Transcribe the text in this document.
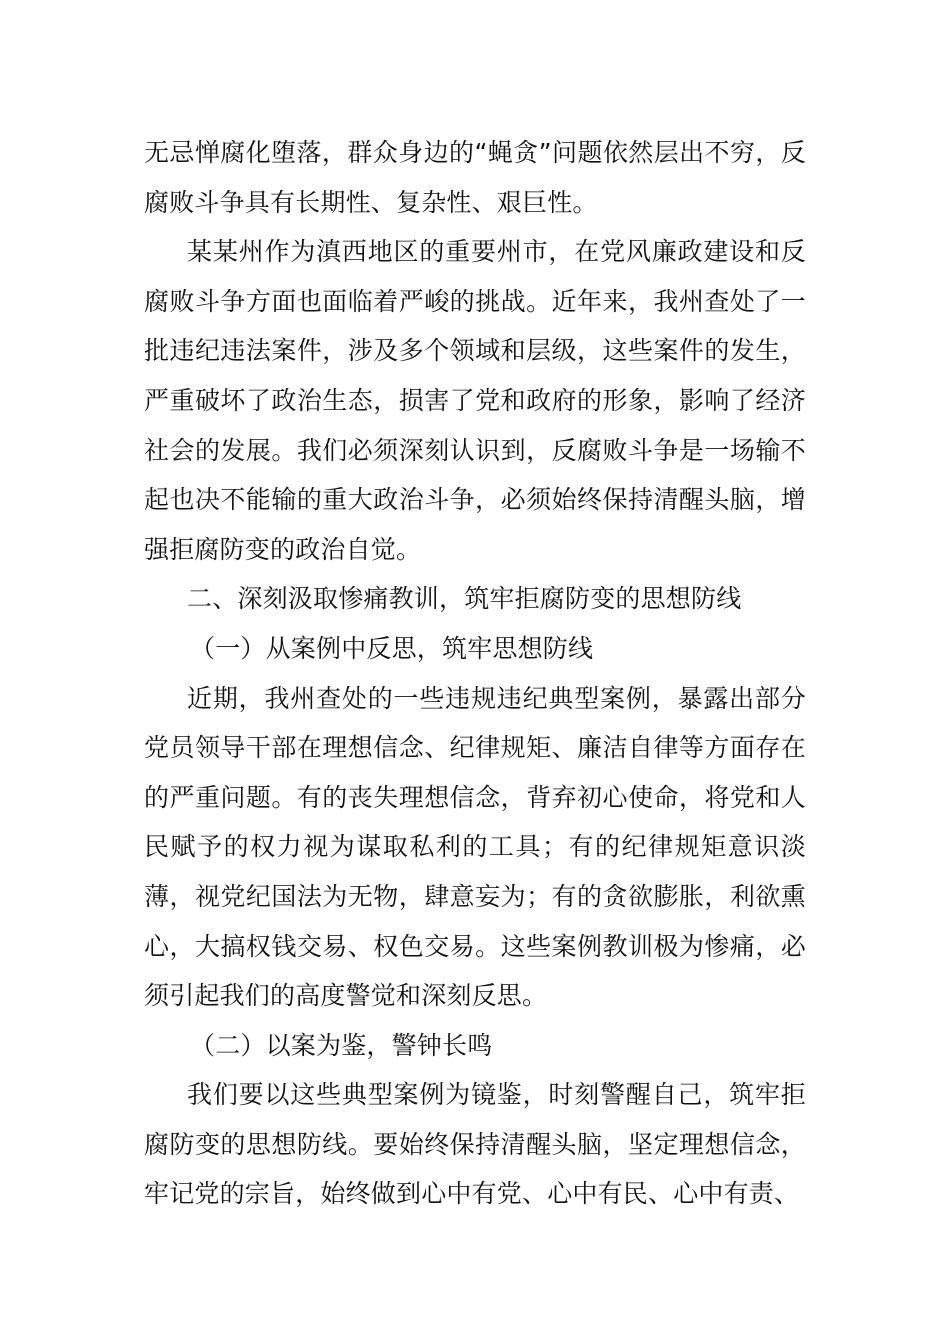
无忌惮腐化堕落，群众身边的“蝇贪”问题依然层出不穷，反腐败斗争具有长期性、复杂性、艰巨性。

某某州作为滇西地区的重要州市，在党风廉政建设和反腐败斗争方面也面临着严峻的挑战。近年来，我州查处了一批违纪违法案件，涉及多个领域和层级，这些案件的发生，严重破坏了政治生态，损害了党和政府的形象，影响了经济社会的发展。我们必须深刻认识到，反腐败斗争是一场输不起也决不能输的重大政治斗争，必须始终保持清醒头脑，增强拒腐防变的政治自觉。

二、深刻汲取惨痛教训，筑牢拒腐防变的思想防线

（一）从案例中反思，筑牢思想防线

近期，我州查处的一些违规违纪典型案例，暴露出部分党员领导干部在理想信念、纪律规矩、廉洁自律等方面存在的严重问题。有的丧失理想信念，背弃初心使命，将党和人民赋予的权力视为谋取私利的工具；有的纪律规矩意识淡薄，视党纪国法为无物，肆意妄为；有的贪欲膨胀，利欲熏心，大搞权钱交易、权色交易。这些案例教训极为惨痛，必须引起我们的高度警觉和深刻反思。

（二）以案为鉴，警钟长鸣

我们要以这些典型案例为镜鉴，时刻警醒自己，筑牢拒腐防变的思想防线。要始终保持清醒头脑，坚定理想信念，牢记党的宗旨，始终做到心中有党、心中有民、心中有责、
